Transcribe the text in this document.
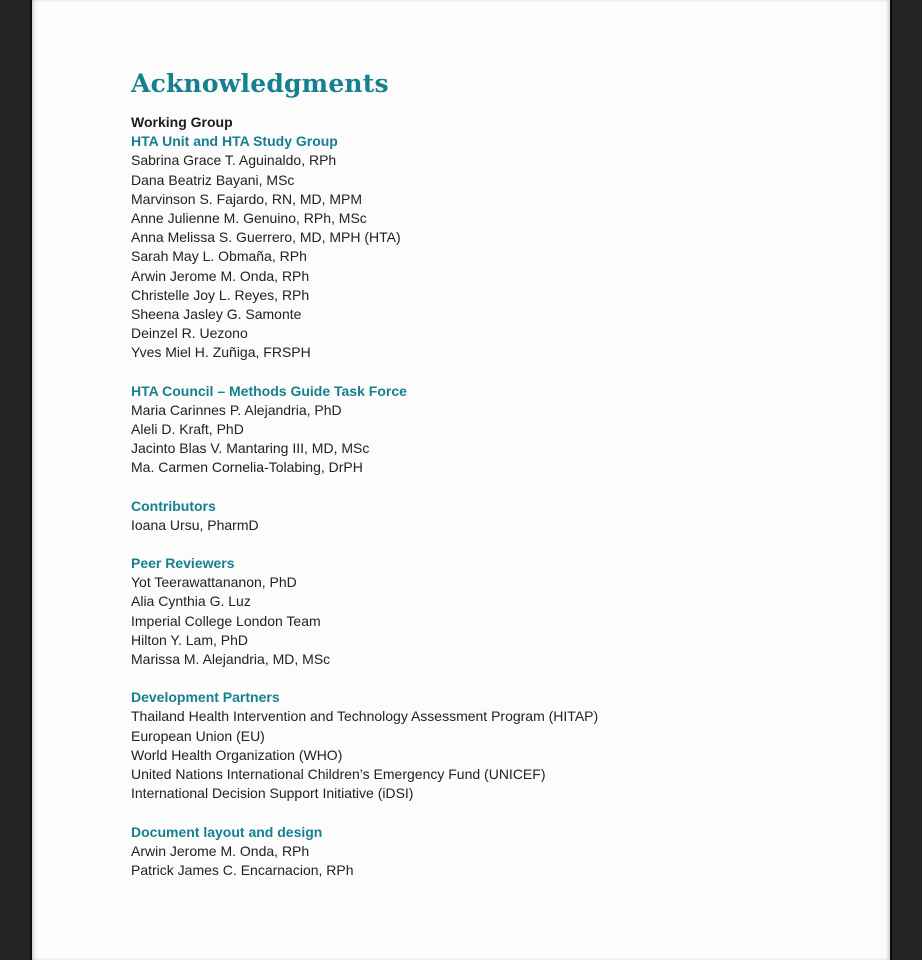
Acknowledgments
Working Group
HTA Unit and HTA Study Group
Sabrina Grace T. Aguinaldo, RPh
Dana Beatriz Bayani, MSc
Marvinson S. Fajardo, RN, MD, MPM
Anne Julienne M. Genuino, RPh, MSc
Anna Melissa S. Guerrero, MD, MPH (HTA)
Sarah May L. Obmaña, RPh
Arwin Jerome M. Onda, RPh
Christelle Joy L. Reyes, RPh
Sheena Jasley G. Samonte
Deinzel R. Uezono
Yves Miel H. Zuñiga, FRSPH
HTA Council – Methods Guide Task Force
Maria Carinnes P. Alejandria, PhD
Aleli D. Kraft, PhD
Jacinto Blas V. Mantaring III, MD, MSc
Ma. Carmen Cornelia-Tolabing, DrPH
Contributors
Ioana Ursu, PharmD
Peer Reviewers
Yot Teerawattananon, PhD
Alia Cynthia G. Luz
Imperial College London Team
Hilton Y. Lam, PhD
Marissa M. Alejandria, MD, MSc
Development Partners
Thailand Health Intervention and Technology Assessment Program (HITAP)
European Union (EU)
World Health Organization (WHO)
United Nations International Children’s Emergency Fund (UNICEF)
International Decision Support Initiative (iDSI)
Document layout and design
Arwin Jerome M. Onda, RPh
Patrick James C. Encarnacion, RPh
